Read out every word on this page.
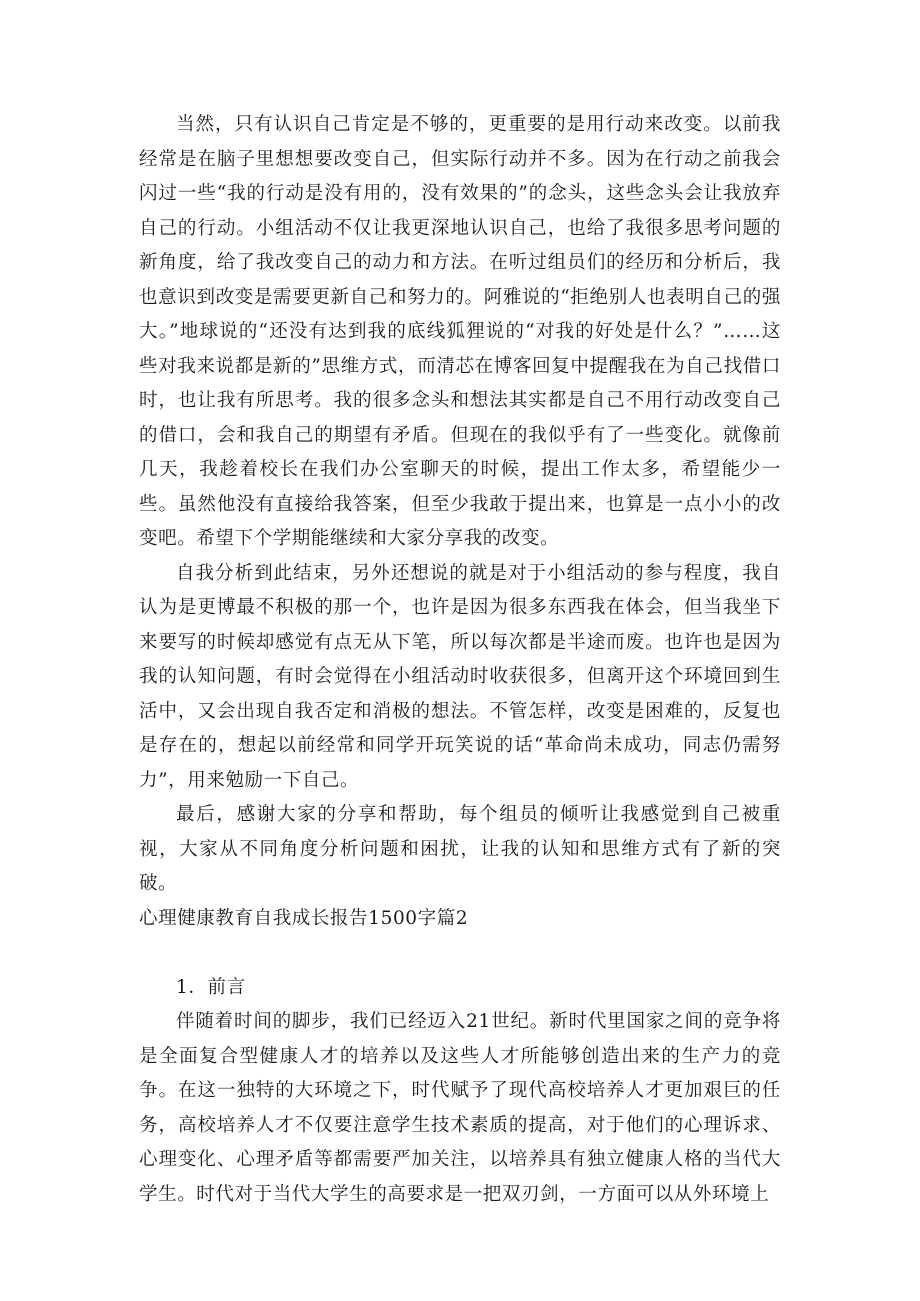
当然，只有认识自己肯定是不够的，更重要的是用行动来改变。以前我经常是在脑子里想想要改变自己，但实际行动并不多。因为在行动之前我会闪过一些“我的行动是没有用的，没有效果的”的念头，这些念头会让我放弃自己的行动。小组活动不仅让我更深地认识自己，也给了我很多思考问题的新角度，给了我改变自己的动力和方法。在听过组员们的经历和分析后，我也意识到改变是需要更新自己和努力的。阿雅说的“拒绝别人也表明自己的强大。”地球说的“还没有达到我的底线狐狸说的“对我的好处是什么？”……这些对我来说都是新的”思维方式，而清芯在博客回复中提醒我在为自己找借口时，也让我有所思考。我的很多念头和想法其实都是自己不用行动改变自己的借口，会和我自己的期望有矛盾。但现在的我似乎有了一些变化。就像前几天，我趁着校长在我们办公室聊天的时候，提出工作太多，希望能少一些。虽然他没有直接给我答案，但至少我敢于提出来，也算是一点小小的改变吧。希望下个学期能继续和大家分享我的改变。

自我分析到此结束，另外还想说的就是对于小组活动的参与程度，我自认为是更博最不积极的那一个，也许是因为很多东西我在体会，但当我坐下来要写的时候却感觉有点无从下笔，所以每次都是半途而废。也许也是因为我的认知问题，有时会觉得在小组活动时收获很多，但离开这个环境回到生活中，又会出现自我否定和消极的想法。不管怎样，改变是困难的，反复也是存在的，想起以前经常和同学开玩笑说的话“革命尚未成功，同志仍需努力”，用来勉励一下自己。

最后，感谢大家的分享和帮助，每个组员的倾听让我感觉到自己被重视，大家从不同角度分析问题和困扰，让我的认知和思维方式有了新的突破。

心理健康教育自我成长报告1500字篇2

1．前言

伴随着时间的脚步，我们已经迈入21世纪。新时代里国家之间的竞争将是全面复合型健康人才的培养以及这些人才所能够创造出来的生产力的竞争。在这一独特的大环境之下，时代赋予了现代高校培养人才更加艰巨的任务，高校培养人才不仅要注意学生技术素质的提高，对于他们的心理诉求、心理变化、心理矛盾等都需要严加关注，以培养具有独立健康人格的当代大学生。时代对于当代大学生的高要求是一把双刃剑，一方面可以从外环境上
